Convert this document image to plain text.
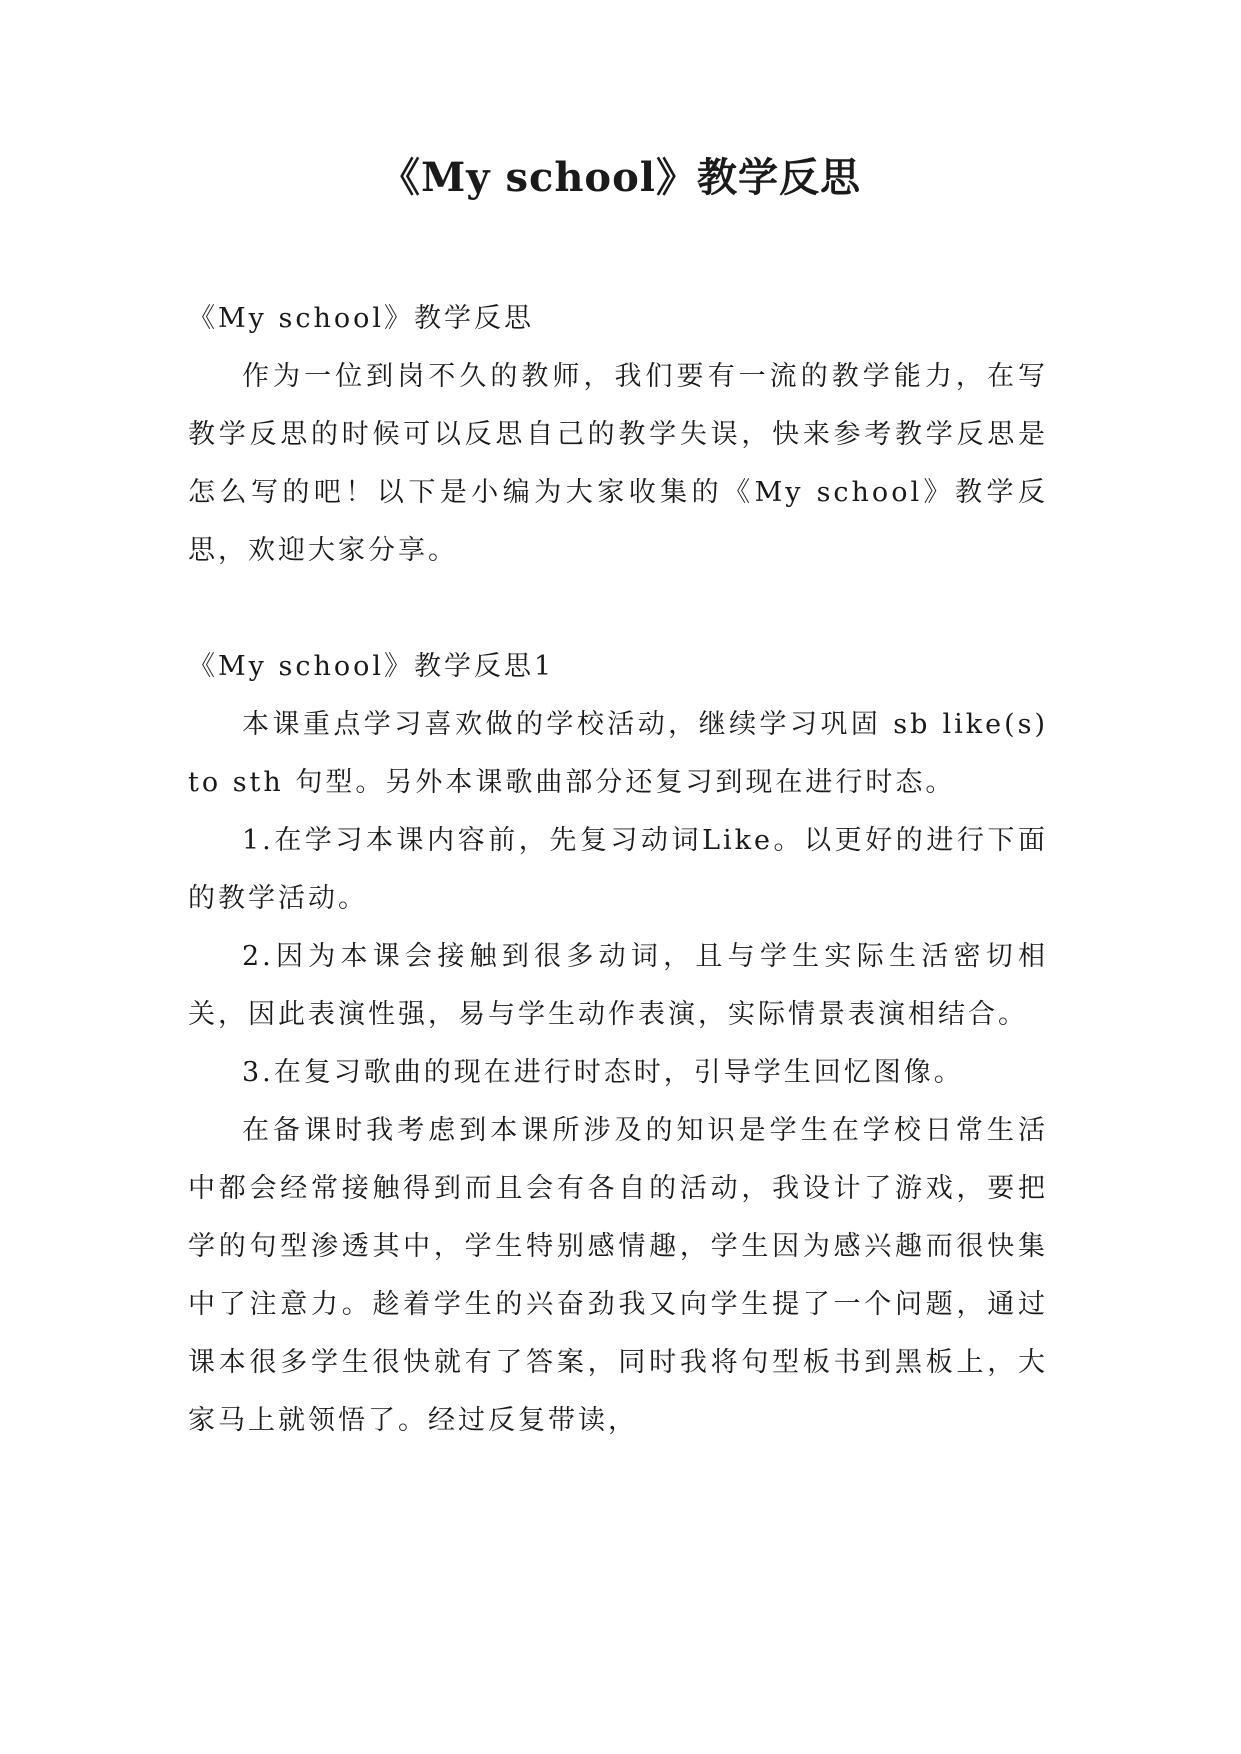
《My school》教学反思

《My school》教学反思

作为一位到岗不久的教师，我们要有一流的教学能力，在写教学反思的时候可以反思自己的教学失误，快来参考教学反思是怎么写的吧！以下是小编为大家收集的《My school》教学反思，欢迎大家分享。

《My school》教学反思1

本课重点学习喜欢做的学校活动，继续学习巩固 sb like(s) to sth 句型。另外本课歌曲部分还复习到现在进行时态。

1.在学习本课内容前，先复习动词Like。以更好的进行下面的教学活动。

2.因为本课会接触到很多动词，且与学生实际生活密切相关，因此表演性强，易与学生动作表演，实际情景表演相结合。

3.在复习歌曲的现在进行时态时，引导学生回忆图像。

在备课时我考虑到本课所涉及的知识是学生在学校日常生活中都会经常接触得到而且会有各自的活动，我设计了游戏，要把学的句型渗透其中，学生特别感情趣，学生因为感兴趣而很快集中了注意力。趁着学生的兴奋劲我又向学生提了一个问题，通过课本很多学生很快就有了答案，同时我将句型板书到黑板上，大家马上就领悟了。经过反复带读，
